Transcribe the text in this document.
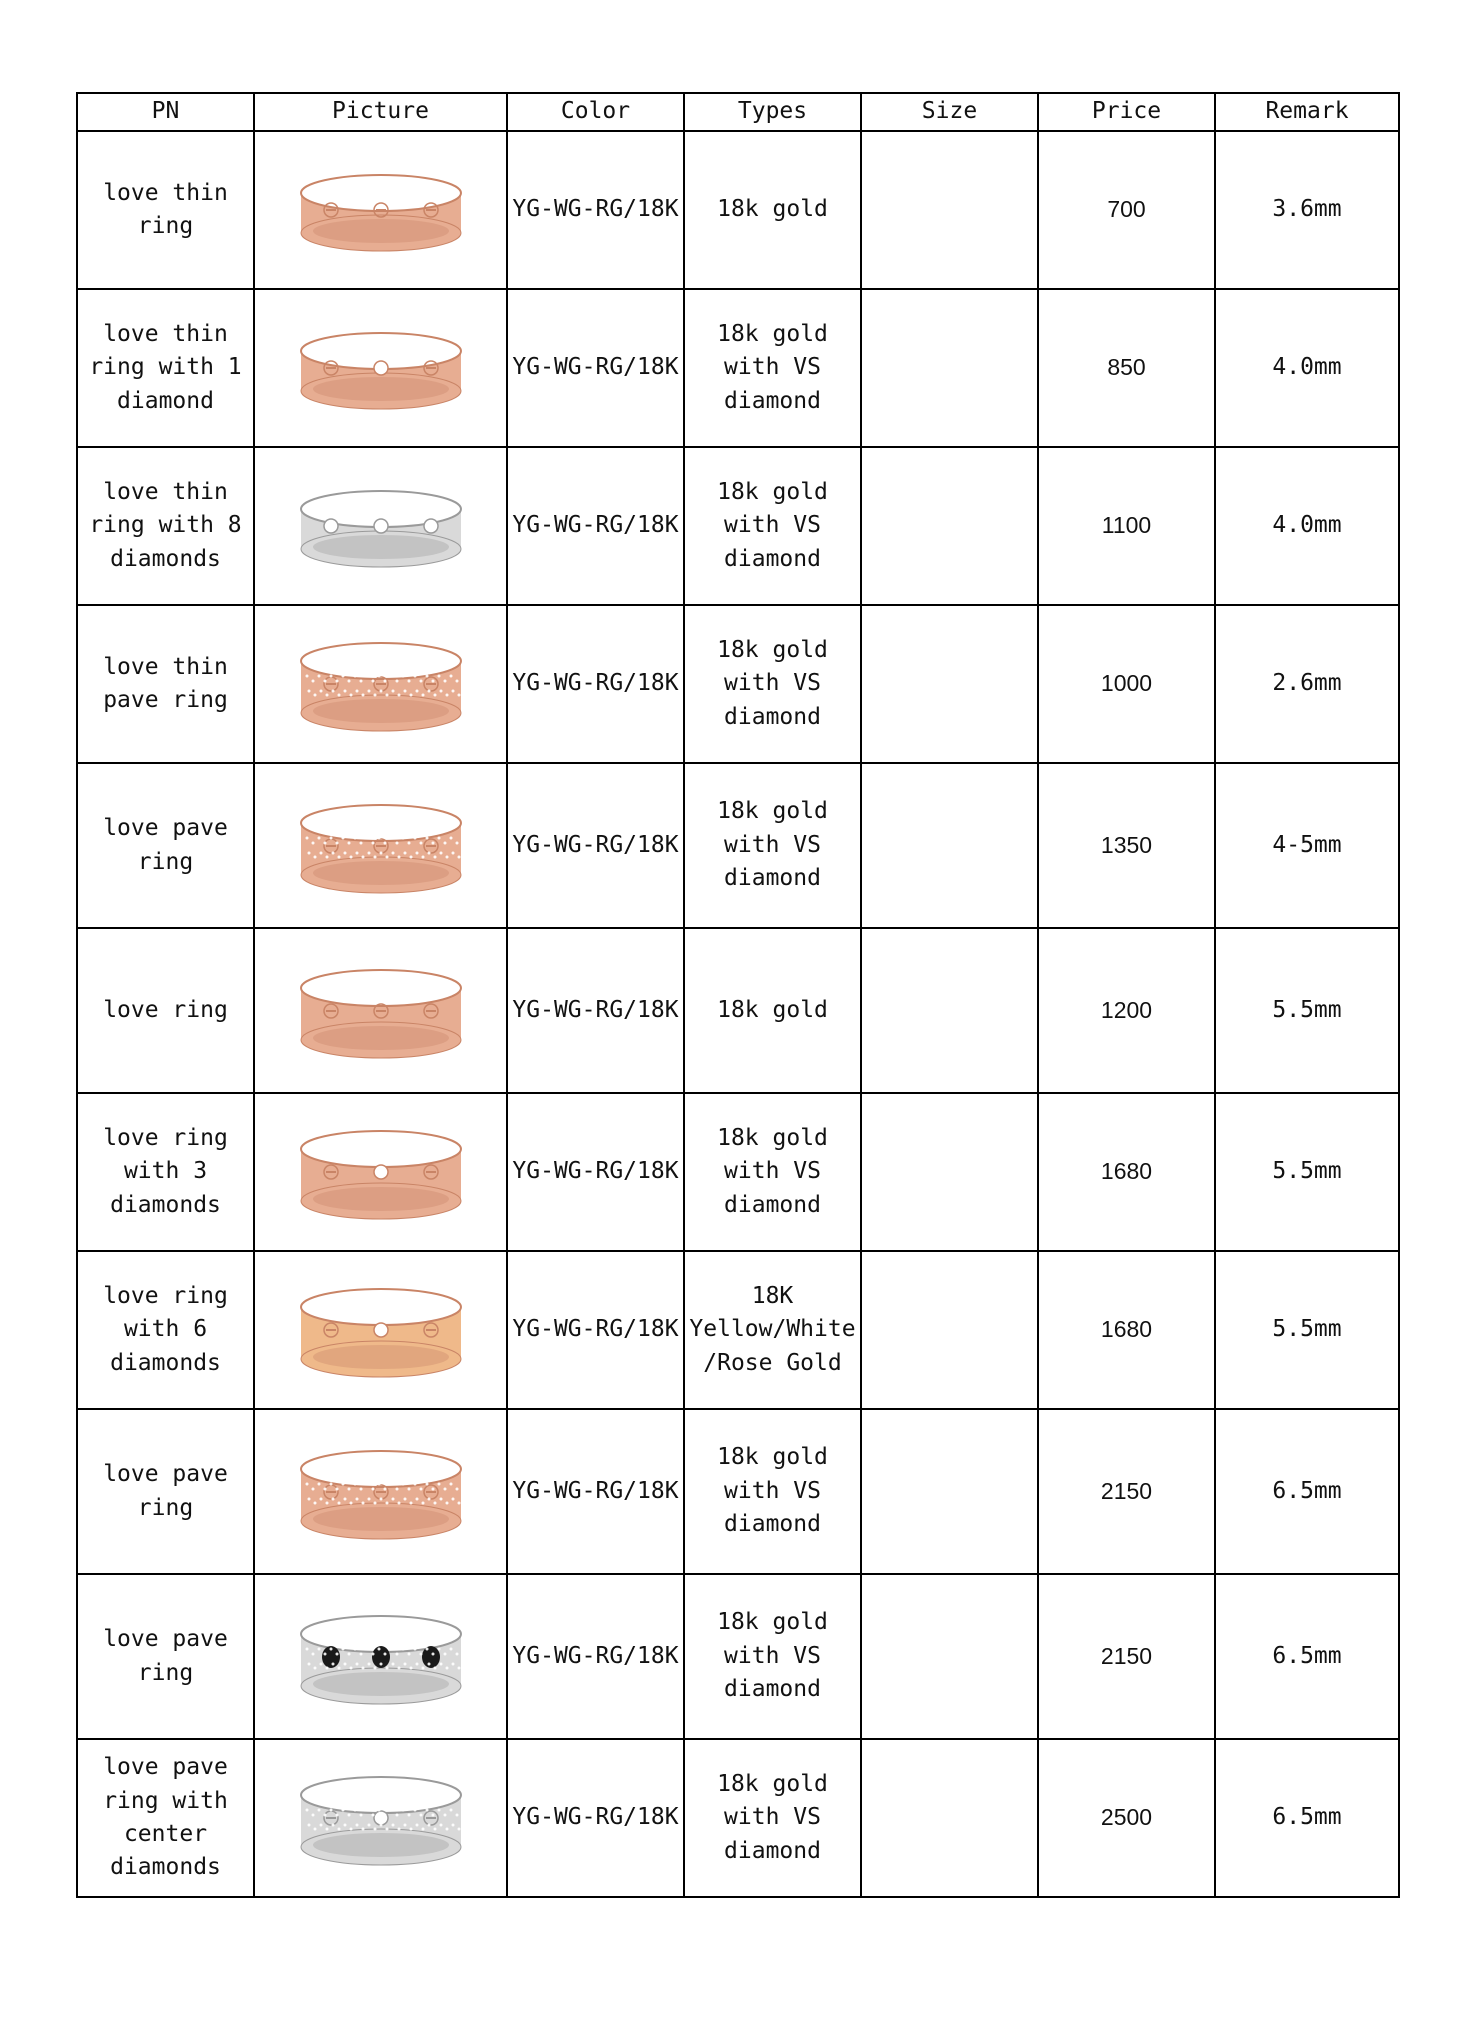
PN	Picture	Color	Types	Size	Price	Remark
love thin
ring		YG-WG-RG/18K	18k gold		700	3.6mm
love thin
ring with 1
diamond		YG-WG-RG/18K	18k gold
with VS
diamond		850	4.0mm
love thin
ring with 8
diamonds		YG-WG-RG/18K	18k gold
with VS
diamond		1100	4.0mm
love thin
pave ring		YG-WG-RG/18K	18k gold
with VS
diamond		1000	2.6mm
love pave
ring		YG-WG-RG/18K	18k gold
with VS
diamond		1350	4-5mm
love ring		YG-WG-RG/18K	18k gold		1200	5.5mm
love ring
with 3
diamonds		YG-WG-RG/18K	18k gold
with VS
diamond		1680	5.5mm
love ring
with 6
diamonds		YG-WG-RG/18K	18K
Yellow/White
/Rose Gold		1680	5.5mm
love pave
ring		YG-WG-RG/18K	18k gold
with VS
diamond		2150	6.5mm
love pave
ring		YG-WG-RG/18K	18k gold
with VS
diamond		2150	6.5mm
love pave
ring with
center
diamonds		YG-WG-RG/18K	18k gold
with VS
diamond		2500	6.5mm
